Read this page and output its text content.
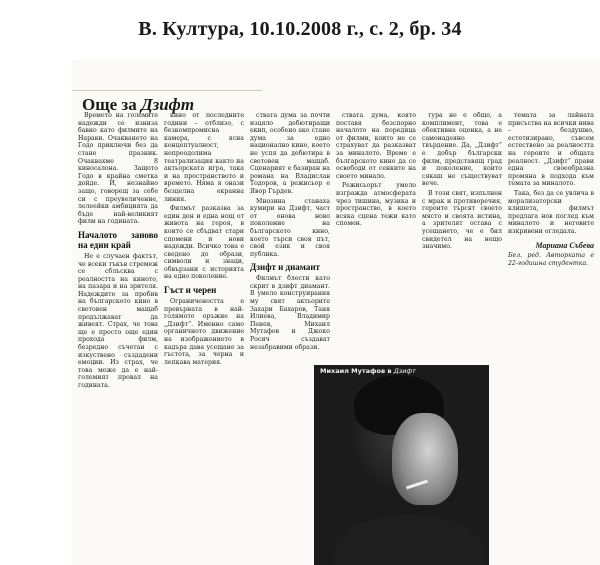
В. Култура, 10.10.2008 г., с. 2, бр. 34
Още за Дзифт

Времето на големите надежди се изниза бавно като филмите на Нарави. Очакването на Годо приключи без да стане празник. Очаквахме 8 киносалона. Защото Годо в крайна сметка дойде. И, незнайно защо, говорещ за себе си с преувеличение, лелеейки амбицията да бъде най-великият филм на годината.

Началото заново на един край

Не е случаен фактът, че всеки тъкъв стремеж се сблъсква с реалността на киното, на пазара и на зрителя. Надеждите за пробив на българското кино в световен мащаб продължават да живеят. Страх, че това ще е просто още един прохода филм, безредно съчетан с изкуствено създадени емоции. Из страх, че това може да е най-големият провал на годината.

кино от последните години – отблизо, с безкомпромисна камера, с ясна концептуалност, непреодолима театрализация както на актьорската игра, така и на пространството и времето. Няма я онази безцелна екранна линия.

Филмът разказва за един ден и една нощ от живота на героя, в които се сбъдват стари спомени и нови надежди. Всичко това е сведено до образи, символи и знаци, обвързани с историята на едно поколение.

Гъст и черен

Ограничеността е превърната в най-голямото оръжие на „Дзифт“. Именно само органичното движение на изображението в кадъра дава усещане за гъстота, за черна и лепкава материя.

ствата дума за почти изцяло дебютиращи екип, особено ако стане дума за едно национално кино, което не успя да дебютира в световен мащаб. Сценарият е базиран на романа на Владислав Тодоров, а режисьор е Явор Гърдев.

Мнозина станаха кумири на Дзифт, част от онова ново поколение на българското кино, което търси своя път, свой език и своя публика.

Дзифт и диамант

Филмът блести като скрит в дзифт диамант. В умело конструирания му свят актьорите Захари Бахаров, Таня Илиева, Владимир Пенев, Михаил Мутафов и Джоко Росич създават незабравими образи.

ствата дума, която поставя безспорно началото на поредица от филми, които не се страхуват да разказват за миналото. Време е българското кино да се освободи от сенките на своето минало.

Режисьорът умело изгражда атмосферата чрез тишина, музика и пространство, в което всяка сцена тежи като спомен.

тура не е общо, а комплимент, това е обективна оценка, а не самонадеяно твърдение. Да, „Дзифт“ е добър български филм, представящ град и поколение, които сякаш не съществуват вече.

В този свят, изпълнен с мрак и противоречия, героите търсят своето място и своята истина, а зрителят остава с усещането, че е бил свидетел на нещо значимо.

темата за лайната присъства на всички нива – бездушно, естетизирано, съвсем естествено за реалността на героите и общата реалност. „Дзифт“ прави една своеобразна промяна в подхода към темата за миналото.

Така, без да се увлича в морализаторски клишета, филмът предлага нов поглед към миналото и неговите изкривени огледала.

Мариана Събева
Бел. ред. Авторката е 22-годишна студентка.
Михаил Мутафов в Дзифт
